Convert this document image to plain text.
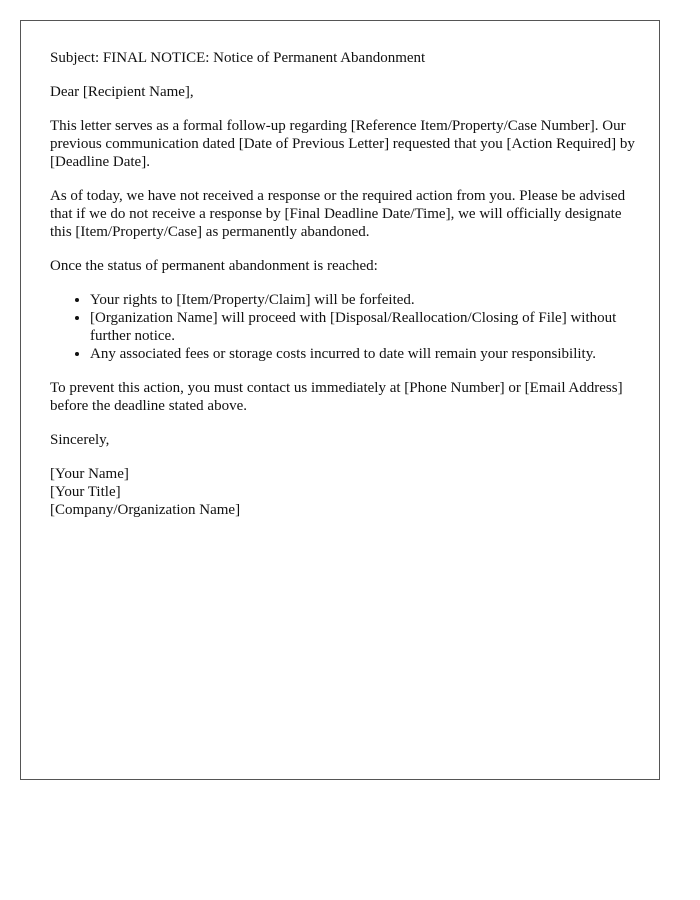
Subject: FINAL NOTICE: Notice of Permanent Abandonment

Dear [Recipient Name],

This letter serves as a formal follow-up regarding [Reference Item/Property/Case Number]. Our previous communication dated [Date of Previous Letter] requested that you [Action Required] by [Deadline Date].

As of today, we have not received a response or the required action from you. Please be advised that if we do not receive a response by [Final Deadline Date/Time], we will officially designate this [Item/Property/Case] as permanently abandoned.

Once the status of permanent abandonment is reached:

• Your rights to [Item/Property/Claim] will be forfeited.
• [Organization Name] will proceed with [Disposal/Reallocation/Closing of File] without further notice.
• Any associated fees or storage costs incurred to date will remain your responsibility.

To prevent this action, you must contact us immediately at [Phone Number] or [Email Address] before the deadline stated above.

Sincerely,

[Your Name]

[Your Title]

[Company/Organization Name]
